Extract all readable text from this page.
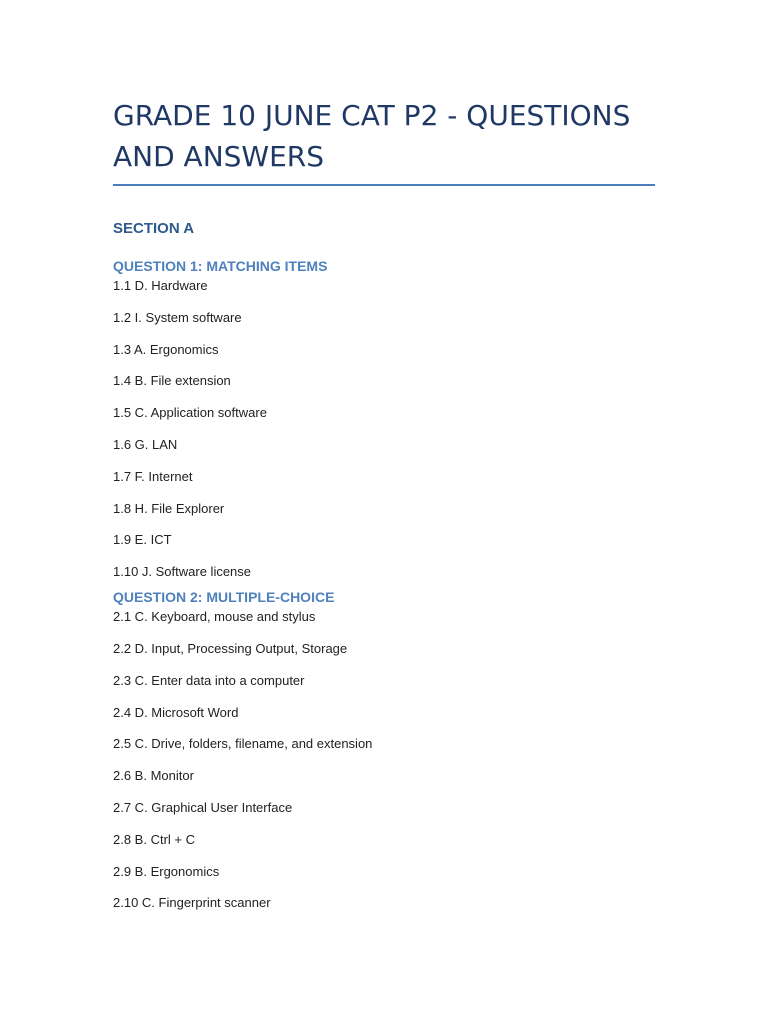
GRADE 10 JUNE CAT P2 - QUESTIONS AND ANSWERS
SECTION A
QUESTION 1: MATCHING ITEMS
1.1 D. Hardware
1.2 I. System software
1.3 A. Ergonomics
1.4 B. File extension
1.5 C. Application software
1.6 G. LAN
1.7 F. Internet
1.8 H. File Explorer
1.9 E. ICT
1.10 J. Software license
QUESTION 2: MULTIPLE-CHOICE
2.1 C. Keyboard, mouse and stylus
2.2 D. Input, Processing Output, Storage
2.3 C. Enter data into a computer
2.4 D. Microsoft Word
2.5 C. Drive, folders, filename, and extension
2.6 B. Monitor
2.7 C. Graphical User Interface
2.8 B. Ctrl + C
2.9 B. Ergonomics
2.10 C. Fingerprint scanner
